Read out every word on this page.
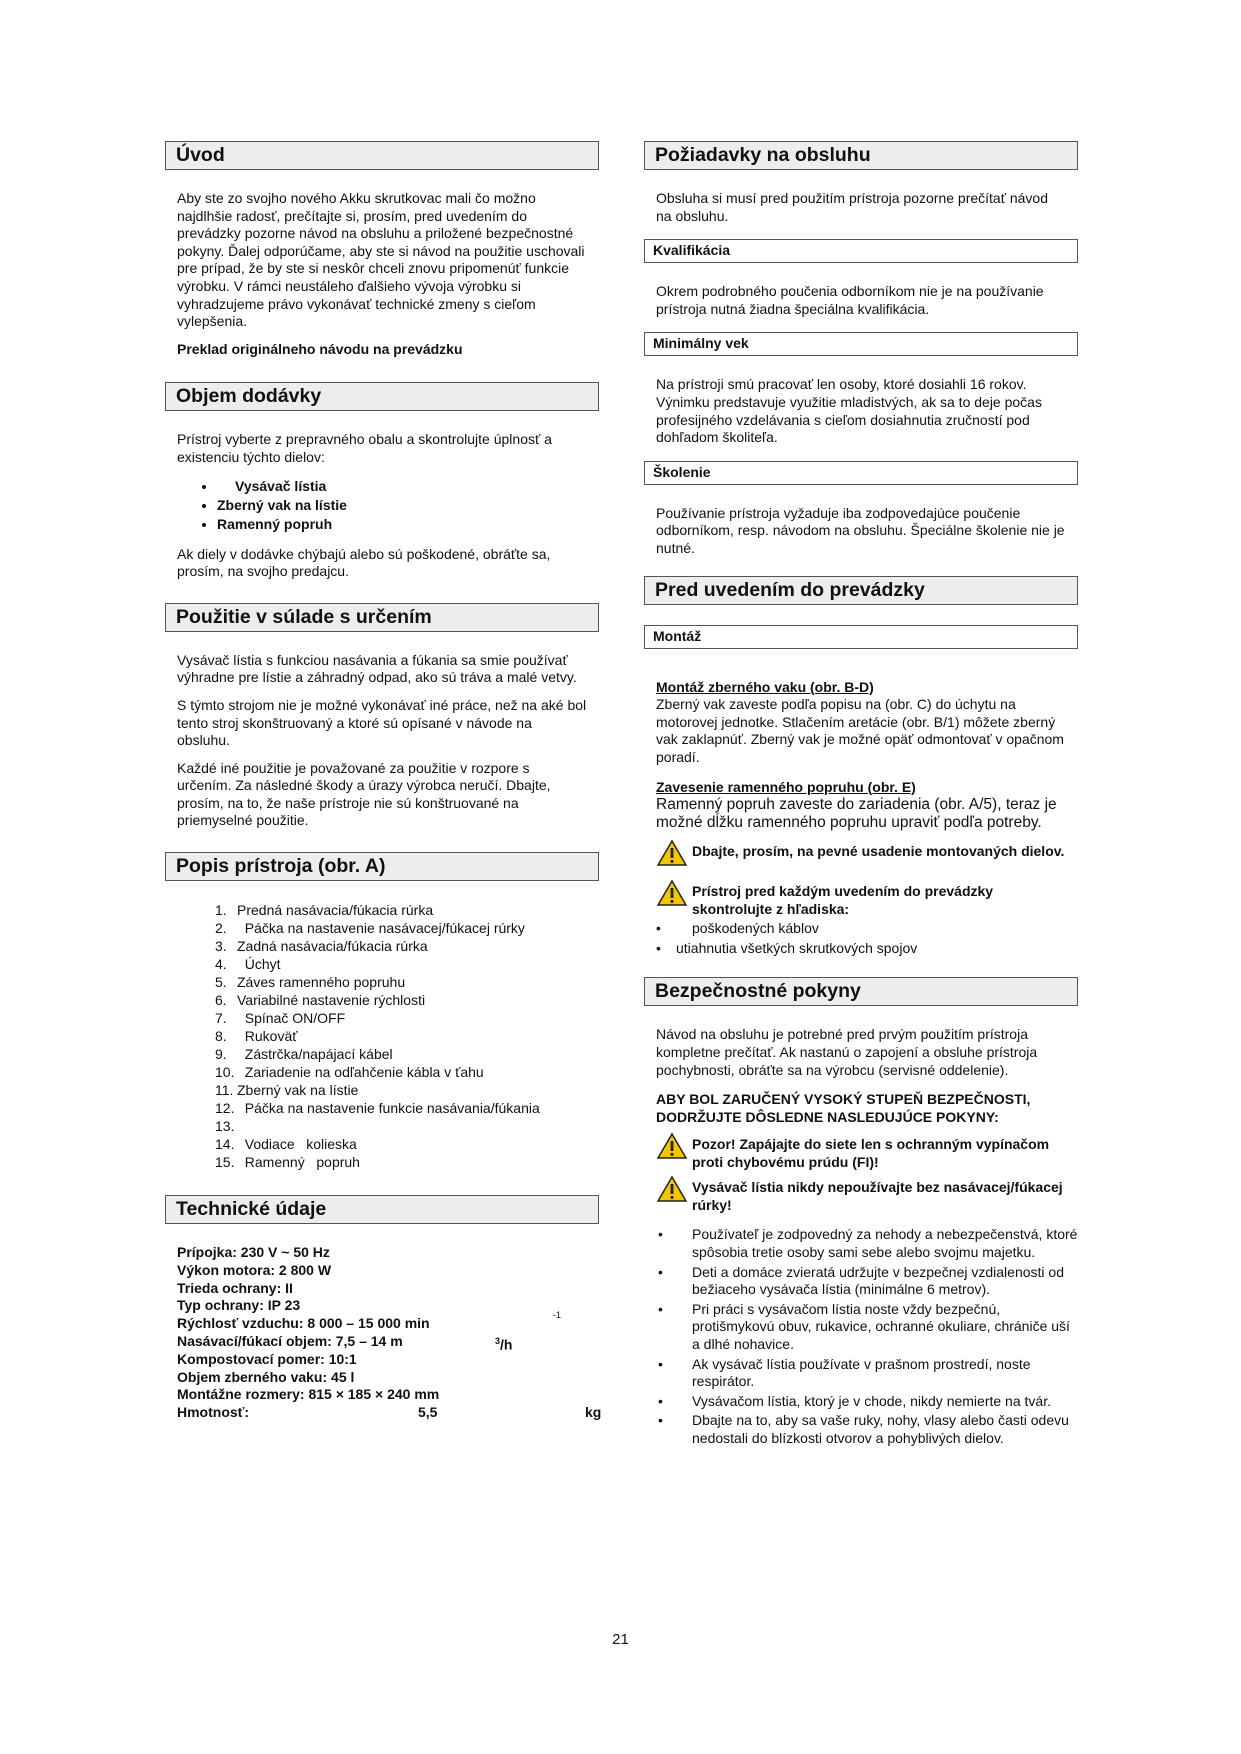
Úvod
Aby ste zo svojho nového Akku skrutkovac mali čo možno najdlhšie radosť, prečítajte si, prosím, pred uvedením do prevádzky pozorne návod na obsluhu a priložené bezpečnostné pokyny. Ďalej odporúčame, aby ste si návod na použitie uschovali pre prípad, že by ste si neskôr chceli znovu pripomenúť funkcie výrobku. V rámci neustáleho ďalšieho vývoja výrobku si vyhradzujeme právo vykonávať technické zmeny s cieľom vylepšenia.
Preklad originálneho návodu na prevádzku
Objem dodávky
Prístroj vyberte z prepravného obalu a skontrolujte úplnosť a existenciu týchto dielov:
• Vysávač lístia
• Zberný vak na lístie
• Ramenný popruh
Ak diely v dodávke chýbajú alebo sú poškodené, obráťte sa, prosím, na svojho predajcu.
Použitie v súlade s určením
Vysávač lístia s funkciou nasávania a fúkania sa smie používať výhradne pre lístie a záhradný odpad, ako sú tráva a malé vetvy.
S týmto strojom nie je možné vykonávať iné práce, než na aké bol tento stroj skonštruovaný a ktoré sú opísané v návode na obsluhu.
Každé iné použitie je považované za použitie v rozpore s určením. Za následné škody a úrazy výrobca neručí. Dbajte, prosím, na to, že naše prístroje nie sú konštruované na priemyselné použitie.
Popis prístroja (obr. A)
1. Predná nasávacia/fúkacia rúrka
2.  Páčka na nastavenie nasávacej/fúkacej rúrky
3. Zadná nasávacia/fúkacia rúrka
4.  Úchyt
5. Záves ramenného popruhu
6. Variabilné nastavenie rýchlosti
7.  Spínač ON/OFF
8.  Rukoväť
9.  Zástrčka/napájací kábel
10.  Zariadenie na odľahčenie kábla v ťahu
11. Zberný vak na lístie
12.  Páčka na nastavenie funkcie nasávania/fúkania
13.
14.  Vodiace   kolieska
15.  Ramenný   popruh
Technické údaje
Prípojka: 230 V ~ 50 Hz
Výkon motora: 2 800 W
Trieda ochrany: II
Typ ochrany: IP 23
Rýchlosť vzduchu: 8 000 – 15 000 min	-1
Nasávací/fúkací objem: 7,5 – 14 m	$^3$/h
Kompostovací pomer: 10:1
Objem zberného vaku: 45 l
Montážne rozmery: 815 × 185 × 240 mm
Hmotnosť:	5,5	kg
Požiadavky na obsluhu
Obsluha si musí pred použitím prístroja pozorne prečítať návod na obsluhu.
Kvalifikácia
Okrem podrobného poučenia odborníkom nie je na používanie prístroja nutná žiadna špeciálna kvalifikácia.
Minimálny vek
Na prístroji smú pracovať len osoby, ktoré dosiahli 16 rokov. Výnimku predstavuje využitie mladistvých, ak sa to deje počas profesijného vzdelávania s cieľom dosiahnutia zručností pod dohľadom školiteľa.
Školenie
Používanie prístroja vyžaduje iba zodpovedajúce poučenie odborníkom, resp. návodom na obsluhu. Špeciálne školenie nie je nutné.
Pred uvedením do prevádzky
Montáž
Montáž zberného vaku (obr. B-D)
Zberný vak zaveste podľa popisu na (obr. C) do úchytu na motorovej jednotke. Stlačením aretácie (obr. B/1) môžete zberný vak zaklapnúť. Zberný vak je možné opäť odmontovať v opačnom poradí.
Zavesenie ramenného popruhu (obr. E)
Ramenný popruh zaveste do zariadenia (obr. A/5), teraz je možné dĺžku ramenného popruhu upraviť podľa potreby.
Dbajte, prosím, na pevné usadenie montovaných dielov.
Prístroj pred každým uvedením do prevádzky skontrolujte z hľadiska:
• poškodených káblov
• utiahnutia všetkých skrutkových spojov
Bezpečnostné pokyny
Návod na obsluhu je potrebné pred prvým použitím prístroja kompletne prečítať. Ak nastanú o zapojení a obsluhe prístroja pochybnosti, obráťte sa na výrobcu (servisné oddelenie).
ABY BOL ZARUČENÝ VYSOKÝ STUPEŇ BEZPEČNOSTI, DODRŽUJTE DÔSLEDNE NASLEDUJÚCE POKYNY:
Pozor! Zapájajte do siete len s ochranným vypínačom proti chybovému prúdu (FI)!
Vysávač lístia nikdy nepoužívajte bez nasávacej/fúkacej rúrky!
• Používateľ je zodpovedný za nehody a nebezpečenstvá, ktoré spôsobia tretie osoby sami sebe alebo svojmu majetku.
• Deti a domáce zvieratá udržujte v bezpečnej vzdialenosti od bežiaceho vysávača lístia (minimálne 6 metrov).
• Pri práci s vysávačom lístia noste vždy bezpečnú, protišmykovú obuv, rukavice, ochranné okuliare, chrániče uší a dlhé nohavice.
• Ak vysávač lístia používate v prašnom prostredí, noste respirátor.
• Vysávačom lístia, ktorý je v chode, nikdy nemierte na tvár.
• Dbajte na to, aby sa vaše ruky, nohy, vlasy alebo časti odevu nedostali do blízkosti otvorov a pohyblivých dielov.
21
